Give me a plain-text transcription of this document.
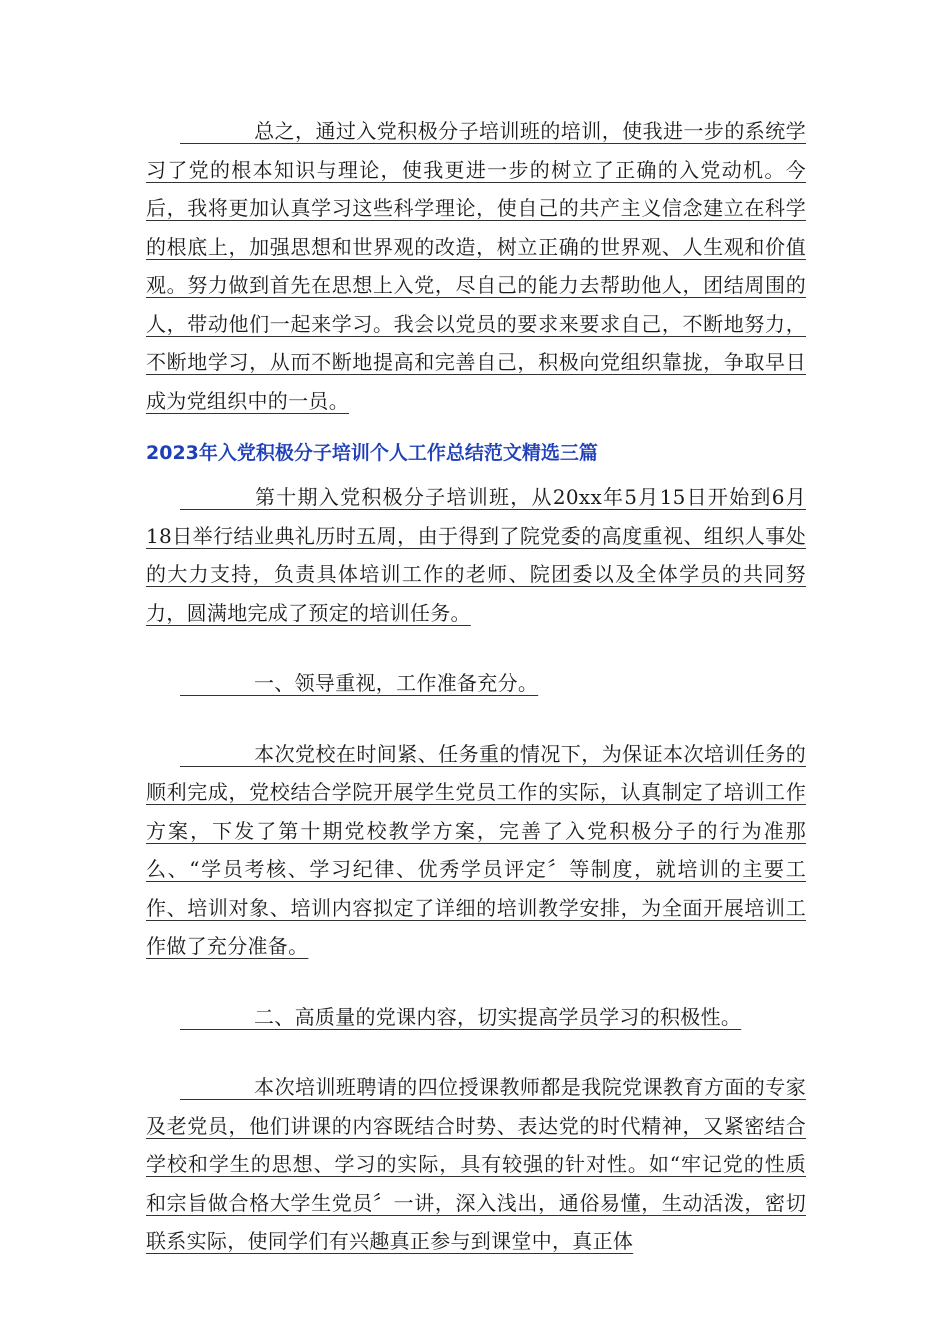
总之，通过入党积极分子培训班的培训，使我进一步的系统学习了党的根本知识与理论，使我更进一步的树立了正确的入党动机。今后，我将更加认真学习这些科学理论，使自己的共产主义信念建立在科学的根底上，加强思想和世界观的改造，树立正确的世界观、人生观和价值观。努力做到首先在思想上入党，尽自己的能力去帮助他人，团结周围的人，带动他们一起来学习。我会以党员的要求来要求自己，不断地努力，不断地学习，从而不断地提高和完善自己，积极向党组织靠拢，争取早日成为党组织中的一员。

2023年入党积极分子培训个人工作总结范文精选三篇

第十期入党积极分子培训班，从20xx年5月15日开始到6月18日举行结业典礼历时五周，由于得到了院党委的高度重视、组织人事处的大力支持，负责具体培训工作的老师、院团委以及全体学员的共同努力，圆满地完成了预定的培训任务。

一、领导重视，工作准备充分。

本次党校在时间紧、任务重的情况下，为保证本次培训任务的顺利完成，党校结合学院开展学生党员工作的实际，认真制定了培训工作方案，下发了第十期党校教学方案，完善了入党积极分子的行为准那么、“学员考核、学习纪律、优秀学员评定〞等制度，就培训的主要工作、培训对象、培训内容拟定了详细的培训教学安排，为全面开展培训工作做了充分准备。

二、高质量的党课内容，切实提高学员学习的积极性。

本次培训班聘请的四位授课教师都是我院党课教育方面的专家及老党员，他们讲课的内容既结合时势、表达党的时代精神，又紧密结合学校和学生的思想、学习的实际，具有较强的针对性。如“牢记党的性质和宗旨做合格大学生党员〞一讲，深入浅出，通俗易懂，生动活泼，密切联系实际，使同学们有兴趣真正参与到课堂中，真正体
